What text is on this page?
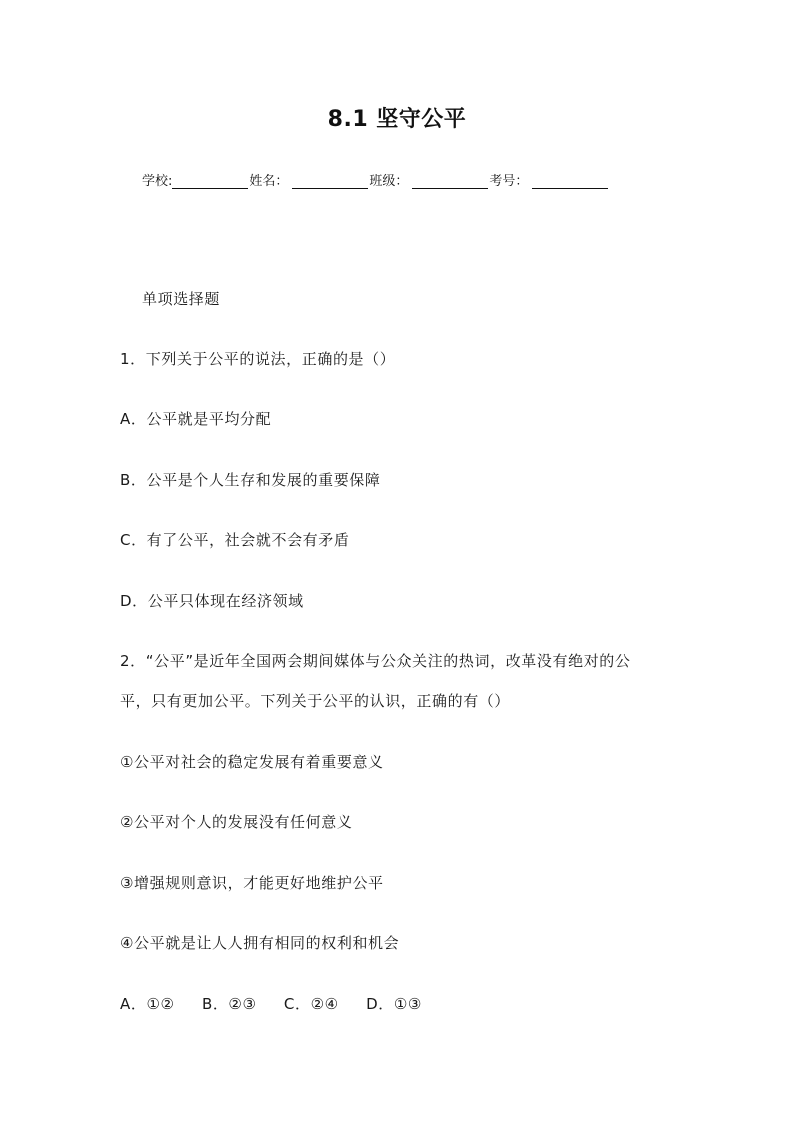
8.1 坚守公平
学校:	姓名：	班级：	考号：
单项选择题
1．下列关于公平的说法，正确的是（）
A．公平就是平均分配
B．公平是个人生存和发展的重要保障
C．有了公平，社会就不会有矛盾
D．公平只体现在经济领域
2．“公平”是近年全国两会期间媒体与公众关注的热词，改革没有绝对的公
平，只有更加公平。下列关于公平的认识，正确的有（）
①公平对社会的稳定发展有着重要意义
②公平对个人的发展没有任何意义
③增强规则意识，才能更好地维护公平
④公平就是让人人拥有相同的权利和机会
A．①② B．②③ C．②④ D．①③
